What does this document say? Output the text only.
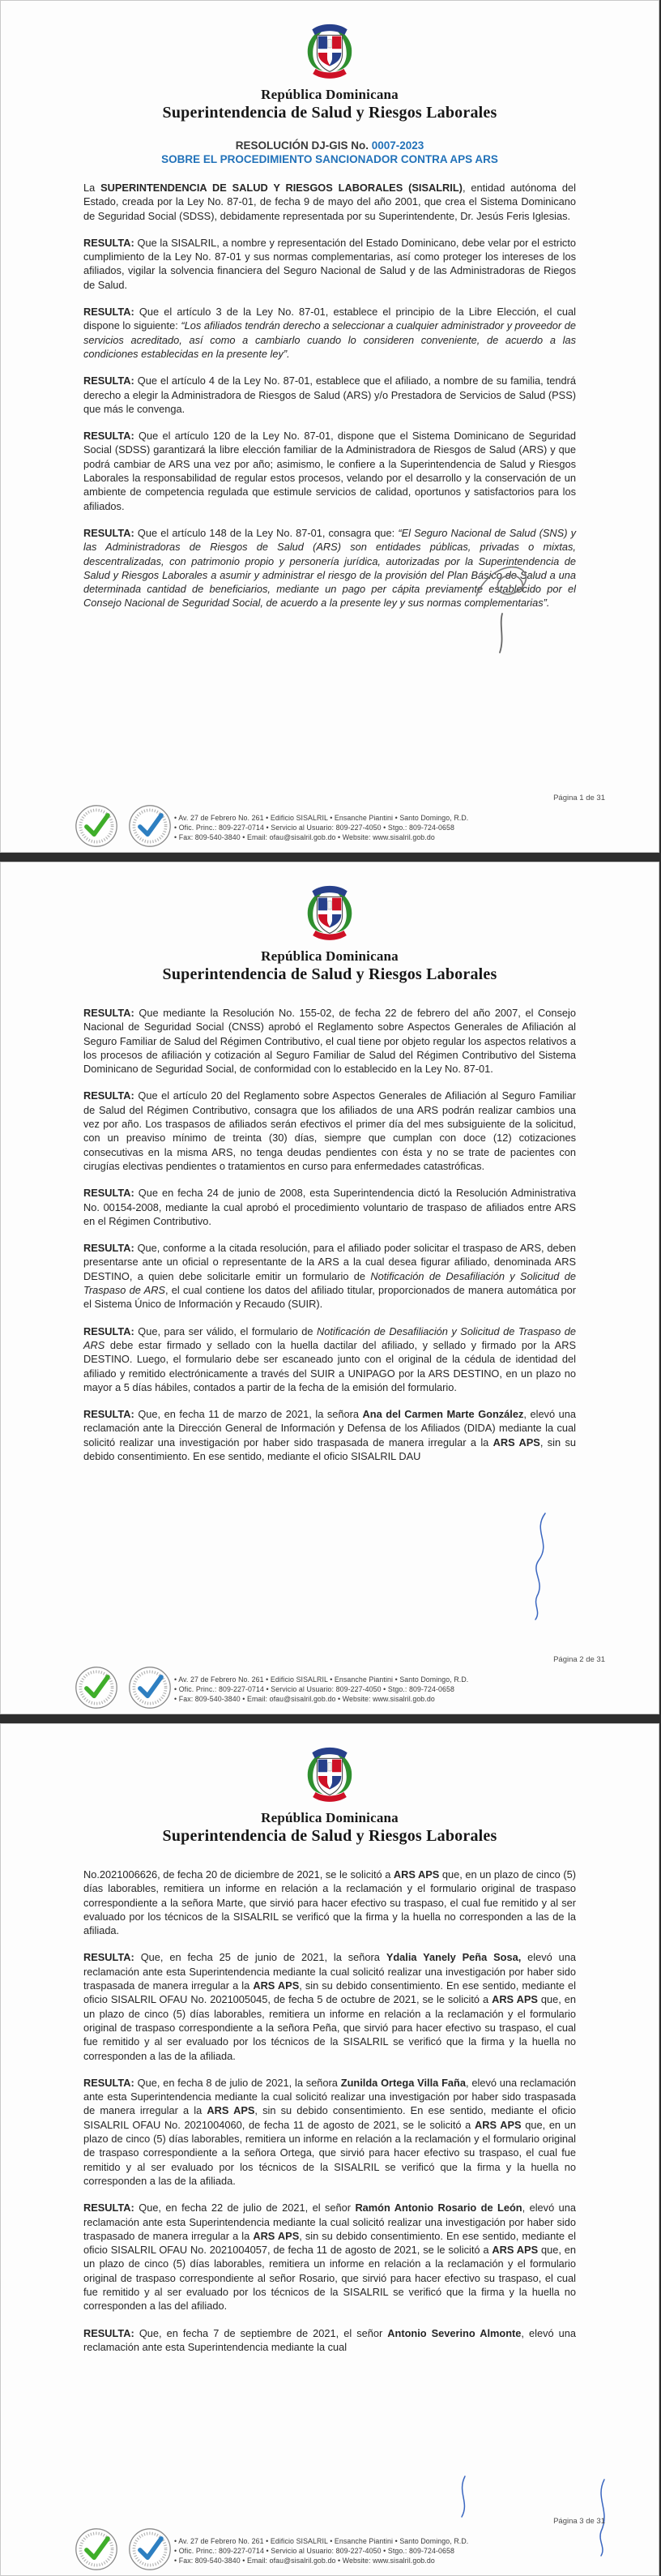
República Dominicana
Superintendencia de Salud y Riesgos Laborales
RESOLUCIÓN DJ-GIS No. 0007-2023
SOBRE EL PROCEDIMIENTO SANCIONADOR CONTRA APS ARS

La SUPERINTENDENCIA DE SALUD Y RIESGOS LABORALES (SISALRIL), entidad autónoma del Estado, creada por la Ley No. 87-01, de fecha 9 de mayo del año 2001, que crea el Sistema Dominicano de Seguridad Social (SDSS), debidamente representada por su Superintendente, Dr. Jesús Feris Iglesias.

RESULTA: Que la SISALRIL, a nombre y representación del Estado Dominicano, debe velar por el estricto cumplimiento de la Ley No. 87-01 y sus normas complementarias, así como proteger los intereses de los afiliados, vigilar la solvencia financiera del Seguro Nacional de Salud y de las Administradoras de Riegos de Salud.

RESULTA: Que el artículo 3 de la Ley No. 87-01, establece el principio de la Libre Elección, el cual dispone lo siguiente: “Los afiliados tendrán derecho a seleccionar a cualquier administrador y proveedor de servicios acreditado, así como a cambiarlo cuando lo consideren conveniente, de acuerdo a las condiciones establecidas en la presente ley”.

RESULTA: Que el artículo 4 de la Ley No. 87-01, establece que el afiliado, a nombre de su familia, tendrá derecho a elegir la Administradora de Riesgos de Salud (ARS) y/o Prestadora de Servicios de Salud (PSS) que más le convenga.

RESULTA: Que el artículo 120 de la Ley No. 87-01, dispone que el Sistema Dominicano de Seguridad Social (SDSS) garantizará la libre elección familiar de la Administradora de Riesgos de Salud (ARS) y que podrá cambiar de ARS una vez por año; asimismo, le confiere a la Superintendencia de Salud y Riesgos Laborales la responsabilidad de regular estos procesos, velando por el desarrollo y la conservación de un ambiente de competencia regulada que estimule servicios de calidad, oportunos y satisfactorios para los afiliados.

RESULTA: Que el artículo 148 de la Ley No. 87-01, consagra que: “El Seguro Nacional de Salud (SNS) y las Administradoras de Riesgos de Salud (ARS) son entidades públicas, privadas o mixtas, descentralizadas, con patrimonio propio y personería jurídica, autorizadas por la Superintendencia de Salud y Riesgos Laborales a asumir y administrar el riesgo de la provisión del Plan Básico de Salud a una determinada cantidad de beneficiarios, mediante un pago per cápita previamente establecido por el Consejo Nacional de Seguridad Social, de acuerdo a la presente ley y sus normas complementarias”.

Página 1 de 31
• Av. 27 de Febrero No. 261 • Edificio SISALRIL • Ensanche Piantini • Santo Domingo, R.D.
• Ofic. Princ.: 809-227-0714 • Servicio al Usuario: 809-227-4050 • Stgo.: 809-724-0658
• Fax: 809-540-3840 • Email: ofau@sisalril.gob.do • Website: www.sisalril.gob.do
República Dominicana
Superintendencia de Salud y Riesgos Laborales

RESULTA: Que mediante la Resolución No. 155-02, de fecha 22 de febrero del año 2007, el Consejo Nacional de Seguridad Social (CNSS) aprobó el Reglamento sobre Aspectos Generales de Afiliación al Seguro Familiar de Salud del Régimen Contributivo, el cual tiene por objeto regular los aspectos relativos a los procesos de afiliación y cotización al Seguro Familiar de Salud del Régimen Contributivo del Sistema Dominicano de Seguridad Social, de conformidad con lo establecido en la Ley No. 87-01.

RESULTA: Que el artículo 20 del Reglamento sobre Aspectos Generales de Afiliación al Seguro Familiar de Salud del Régimen Contributivo, consagra que los afiliados de una ARS podrán realizar cambios una vez por año. Los traspasos de afiliados serán efectivos el primer día del mes subsiguiente de la solicitud, con un preaviso mínimo de treinta (30) días, siempre que cumplan con doce (12) cotizaciones consecutivas en la misma ARS, no tenga deudas pendientes con ésta y no se trate de pacientes con cirugías electivas pendientes o tratamientos en curso para enfermedades catastróficas.

RESULTA: Que en fecha 24 de junio de 2008, esta Superintendencia dictó la Resolución Administrativa No. 00154-2008, mediante la cual aprobó el procedimiento voluntario de traspaso de afiliados entre ARS en el Régimen Contributivo.

RESULTA: Que, conforme a la citada resolución, para el afiliado poder solicitar el traspaso de ARS, deben presentarse ante un oficial o representante de la ARS a la cual desea figurar afiliado, denominada ARS DESTINO, a quien debe solicitarle emitir un formulario de Notificación de Desafiliación y Solicitud de Traspaso de ARS, el cual contiene los datos del afiliado titular, proporcionados de manera automática por el Sistema Único de Información y Recaudo (SUIR).

RESULTA: Que, para ser válido, el formulario de Notificación de Desafiliación y Solicitud de Traspaso de ARS debe estar firmado y sellado con la huella dactilar del afiliado, y sellado y firmado por la ARS DESTINO. Luego, el formulario debe ser escaneado junto con el original de la cédula de identidad del afiliado y remitido electrónicamente a través del SUIR a UNIPAGO por la ARS DESTINO, en un plazo no mayor a 5 días hábiles, contados a partir de la fecha de la emisión del formulario.

RESULTA: Que, en fecha 11 de marzo de 2021, la señora Ana del Carmen Marte González, elevó una reclamación ante la Dirección General de Información y Defensa de los Afiliados (DIDA) mediante la cual solicitó realizar una investigación por haber sido traspasada de manera irregular a la ARS APS, sin su debido consentimiento. En ese sentido, mediante el oficio SISALRIL DAU

Página 2 de 31
• Av. 27 de Febrero No. 261 • Edificio SISALRIL • Ensanche Piantini • Santo Domingo, R.D.
• Ofic. Princ.: 809-227-0714 • Servicio al Usuario: 809-227-4050 • Stgo.: 809-724-0658
• Fax: 809-540-3840 • Email: ofau@sisalril.gob.do • Website: www.sisalril.gob.do
República Dominicana
Superintendencia de Salud y Riesgos Laborales

No.2021006626, de fecha 20 de diciembre de 2021, se le solicitó a ARS APS que, en un plazo de cinco (5) días laborables, remitiera un informe en relación a la reclamación y el formulario original de traspaso correspondiente a la señora Marte, que sirvió para hacer efectivo su traspaso, el cual fue remitido y al ser evaluado por los técnicos de la SISALRIL se verificó que la firma y la huella no corresponden a las de la afiliada.

RESULTA: Que, en fecha 25 de junio de 2021, la señora Ydalia Yanely Peña Sosa, elevó una reclamación ante esta Superintendencia mediante la cual solicitó realizar una investigación por haber sido traspasada de manera irregular a la ARS APS, sin su debido consentimiento. En ese sentido, mediante el oficio SISALRIL OFAU No. 2021005045, de fecha 5 de octubre de 2021, se le solicitó a ARS APS que, en un plazo de cinco (5) días laborables, remitiera un informe en relación a la reclamación y el formulario original de traspaso correspondiente a la señora Peña, que sirvió para hacer efectivo su traspaso, el cual fue remitido y al ser evaluado por los técnicos de la SISALRIL se verificó que la firma y la huella no corresponden a las de la afiliada.

RESULTA: Que, en fecha 8 de julio de 2021, la señora Zunilda Ortega Villa Faña, elevó una reclamación ante esta Superintendencia mediante la cual solicitó realizar una investigación por haber sido traspasada de manera irregular a la ARS APS, sin su debido consentimiento. En ese sentido, mediante el oficio SISALRIL OFAU No. 2021004060, de fecha 11 de agosto de 2021, se le solicitó a ARS APS que, en un plazo de cinco (5) días laborables, remitiera un informe en relación a la reclamación y el formulario original de traspaso correspondiente a la señora Ortega, que sirvió para hacer efectivo su traspaso, el cual fue remitido y al ser evaluado por los técnicos de la SISALRIL se verificó que la firma y la huella no corresponden a las de la afiliada.

RESULTA: Que, en fecha 22 de julio de 2021, el señor Ramón Antonio Rosario de León, elevó una reclamación ante esta Superintendencia mediante la cual solicitó realizar una investigación por haber sido traspasado de manera irregular a la ARS APS, sin su debido consentimiento. En ese sentido, mediante el oficio SISALRIL OFAU No. 2021004057, de fecha 11 de agosto de 2021, se le solicitó a ARS APS que, en un plazo de cinco (5) días laborables, remitiera un informe en relación a la reclamación y el formulario original de traspaso correspondiente al señor Rosario, que sirvió para hacer efectivo su traspaso, el cual fue remitido y al ser evaluado por los técnicos de la SISALRIL se verificó que la firma y la huella no corresponden a las del afiliado.

RESULTA: Que, en fecha 7 de septiembre de 2021, el señor Antonio Severino Almonte, elevó una reclamación ante esta Superintendencia mediante la cual

Página 3 de 31
• Av. 27 de Febrero No. 261 • Edificio SISALRIL • Ensanche Piantini • Santo Domingo, R.D.
• Ofic. Princ.: 809-227-0714 • Servicio al Usuario: 809-227-4050 • Stgo.: 809-724-0658
• Fax: 809-540-3840 • Email: ofau@sisalril.gob.do • Website: www.sisalril.gob.do
